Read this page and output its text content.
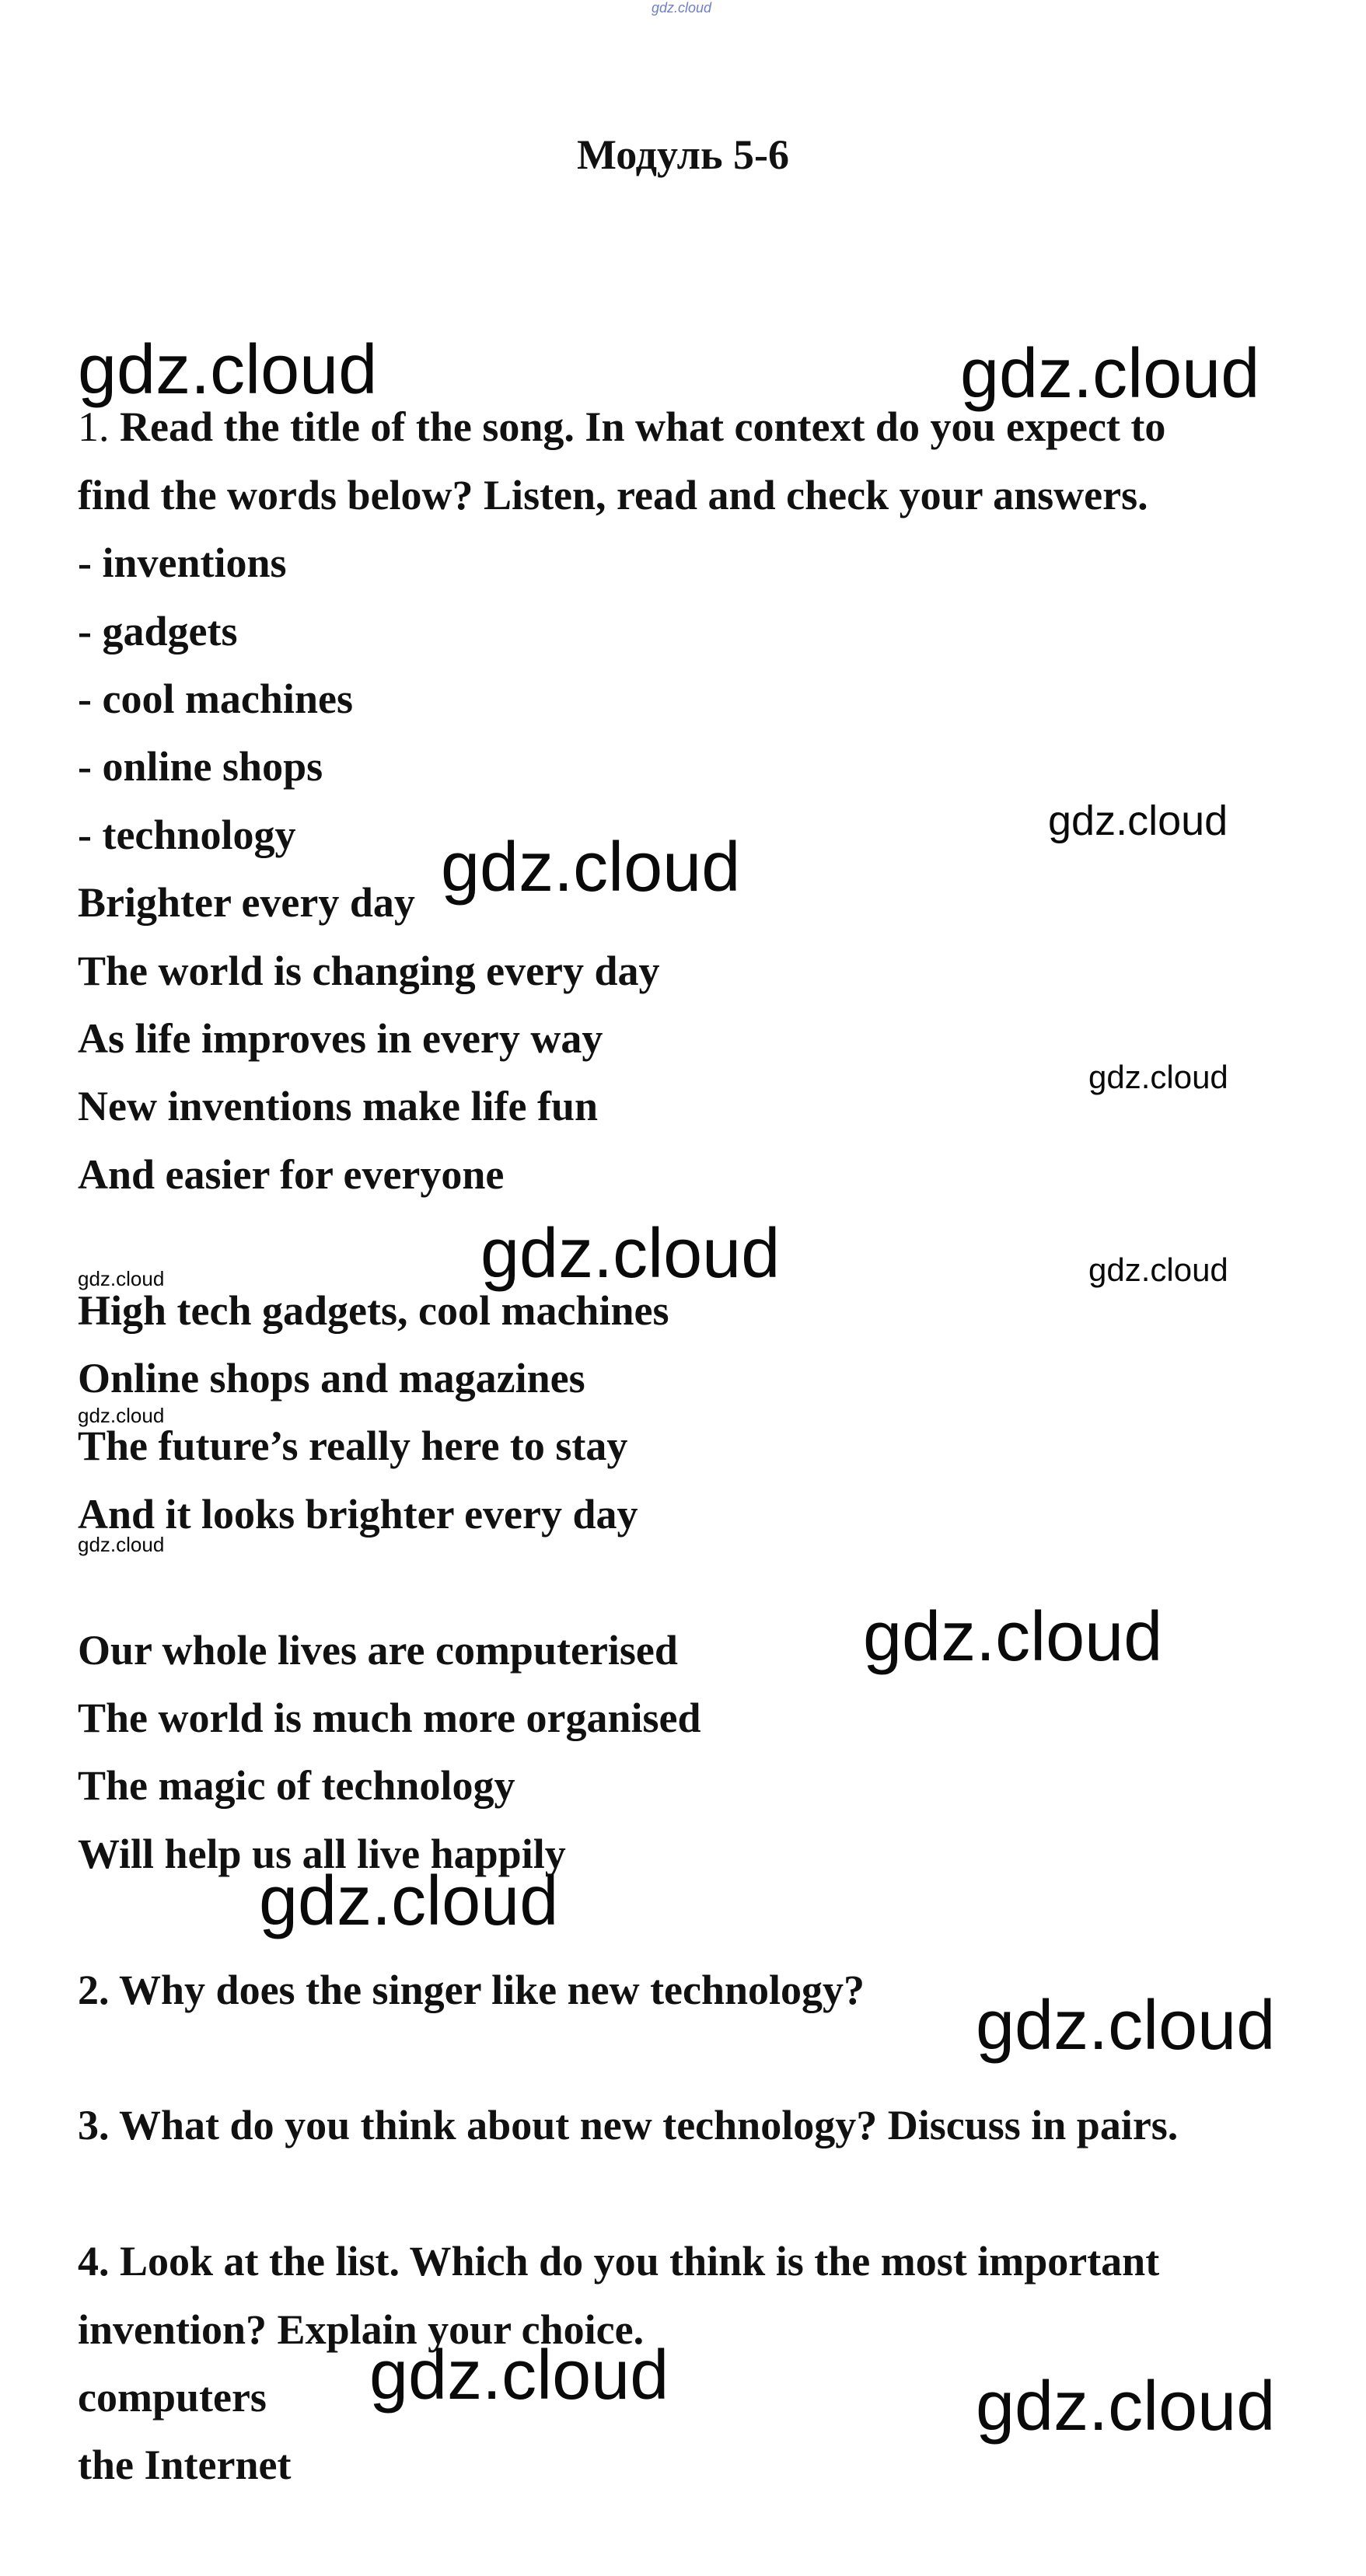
gdz.cloud
Модуль 5-6
1. Read the title of the song. In what context do you expect to
find the words below? Listen, read and check your answers.
- inventions
- gadgets
- cool machines
- online shops
- technology
Brighter every day
The world is changing every day
As life improves in every way
New inventions make life fun
And easier for everyone
High tech gadgets, cool machines
Online shops and magazines
The future’s really here to stay
And it looks brighter every day
Our whole lives are computerised
The world is much more organised
The magic of technology
Will help us all live happily
2. Why does the singer like new technology?
3. What do you think about new technology? Discuss in pairs.
4. Look at the list. Which do you think is the most important
invention? Explain your choice.
computers
the Internet
gdz.cloud	gdz.cloud
gdz.cloud
gdz.cloud
gdz.cloud
gdz.cloud
gdz.cloud	gdz.cloud
gdz.cloud
gdz.cloud
gdz.cloud
gdz.cloud
gdz.cloud
gdz.cloud	gdz.cloud
